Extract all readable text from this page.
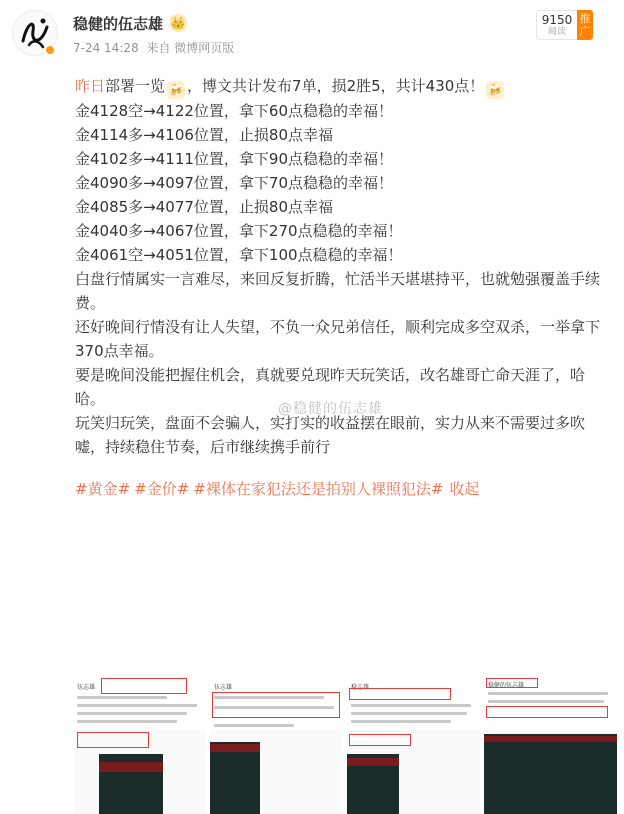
稳健的伍志雄 👑
7-24 14:28 来自 微博网页版
9150
阅读
推广

昨日部署一览 🍻 ，博文共计发布7单，损2胜5，共计430点！ 🍻

金4128空→4122位置，拿下60点稳稳的幸福！

金4114多→4106位置，止损80点幸福

金4102多→4111位置，拿下90点稳稳的幸福！

金4090多→4097位置，拿下70点稳稳的幸福！

金4085多→4077位置，止损80点幸福

金4040多→4067位置，拿下270点稳稳的幸福！

金4061空→4051位置，拿下100点稳稳的幸福！

白盘行情属实一言难尽，来回反复折腾，忙活半天堪堪持平，也就勉强覆盖手续费。

还好晚间行情没有让人失望，不负一众兄弟信任，顺利完成多空双杀，一举拿下370点幸福。

要是晚间没能把握住机会，真就要兑现昨天玩笑话，改名雄哥亡命天涯了，哈哈。

玩笑归玩笑，盘面不会骗人，实打实的收益摆在眼前，实力从来不需要过多吹嘘，持续稳住节奏，后市继续携手前行

#黄金# #金价# #裸体在家犯法还是拍别人裸照犯法# 收起
@稳健的伍志雄
伍志雄	伍志雄	稳志雄	稳健的伍志雄
